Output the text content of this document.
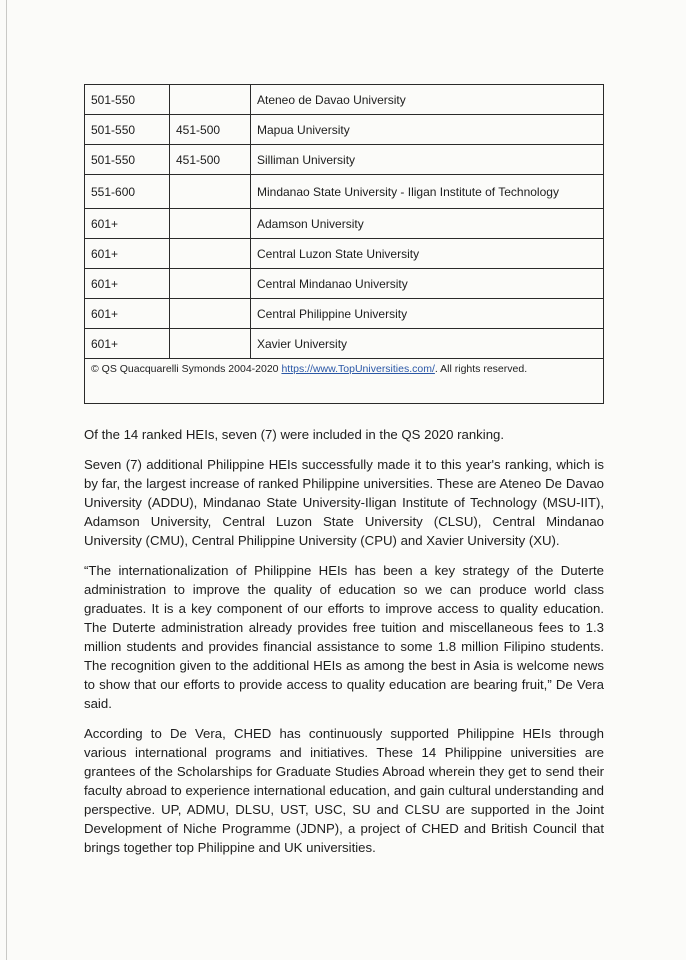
501-550		Ateneo de Davao University
501-550	451-500	Mapua University
501-550	451-500	Silliman University
551-600		Mindanao State University - Iligan Institute of Technology
601+		Adamson University
601+		Central Luzon State University
601+		Central Mindanao University
601+		Central Philippine University
601+		Xavier University
© QS Quacquarelli Symonds 2004-2020 https://www.TopUniversities.com/. All rights reserved.		

Of the 14 ranked HEIs, seven (7) were included in the QS 2020 ranking.

Seven (7) additional Philippine HEIs successfully made it to this year's ranking, which is by far, the largest increase of ranked Philippine universities. These are Ateneo De Davao University (ADDU), Mindanao State University-Iligan Institute of Technology (MSU-IIT), Adamson University, Central Luzon State University (CLSU), Central Mindanao University (CMU), Central Philippine University (CPU) and Xavier University (XU).

“The internationalization of Philippine HEIs has been a key strategy of the Duterte administration to improve the quality of education so we can produce world class graduates. It is a key component of our efforts to improve access to quality education. The Duterte administration already provides free tuition and miscellaneous fees to 1.3 million students and provides financial assistance to some 1.8 million Filipino students. The recognition given to the additional HEIs as among the best in Asia is welcome news to show that our efforts to provide access to quality education are bearing fruit,” De Vera said.

According to De Vera, CHED has continuously supported Philippine HEIs through various international programs and initiatives. These 14 Philippine universities are grantees of the Scholarships for Graduate Studies Abroad wherein they get to send their faculty abroad to experience international education, and gain cultural understanding and perspective. UP, ADMU, DLSU, UST, USC, SU and CLSU are supported in the Joint Development of Niche Programme (JDNP), a project of CHED and British Council that brings together top Philippine and UK universities.
